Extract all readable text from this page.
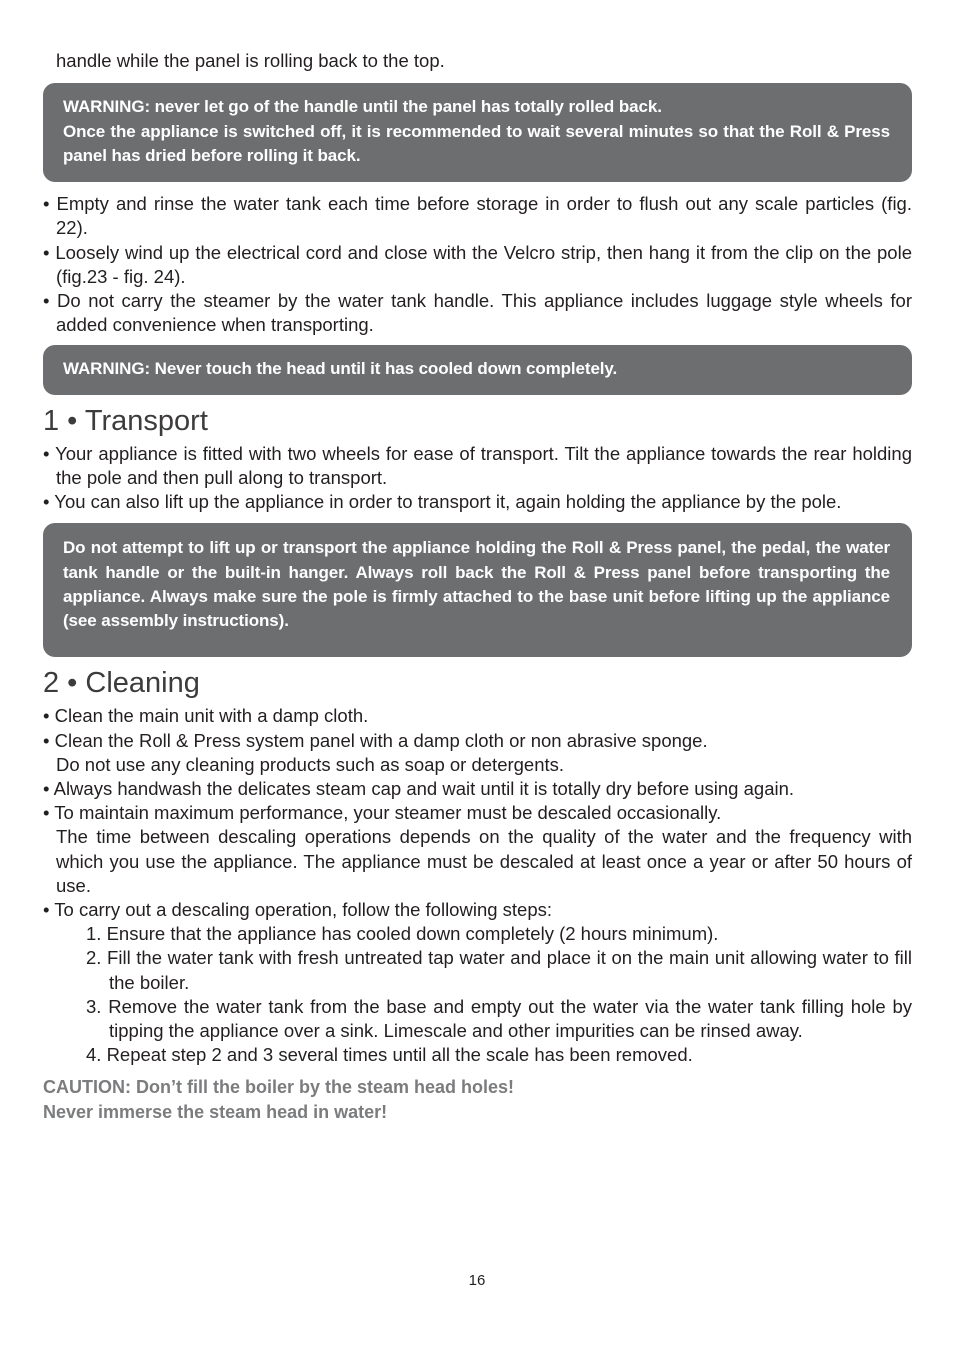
handle while the panel is rolling back to the top.
WARNING: never let go of the handle until the panel has totally rolled back.
Once the appliance is switched off, it is recommended to wait several minutes so that the Roll & Press panel has dried before rolling it back.
• Empty and rinse the water tank each time before storage in order to flush out any scale particles (fig. 22).
• Loosely wind up the electrical cord and close with the Velcro strip, then hang it from the clip on the pole (fig.23 - fig. 24).
• Do not carry the steamer by the water tank handle. This appliance includes luggage style wheels for added convenience when transporting.
WARNING: Never touch the head until it has cooled down completely.
1 • Transport
• Your appliance is fitted with two wheels for ease of transport. Tilt the appliance towards the rear holding the pole and then pull along to transport.
• You can also lift up the appliance in order to transport it, again holding the appliance by the pole.
Do not attempt to lift up or transport the appliance holding the Roll & Press panel, the pedal, the water tank handle or the built-in hanger. Always roll back the Roll & Press panel before transporting the appliance. Always make sure the pole is firmly attached to the base unit before lifting up the appliance (see assembly instructions).
2 • Cleaning
• Clean the main unit with a damp cloth.
• Clean the Roll & Press system panel with a damp cloth or non abrasive sponge.
Do not use any cleaning products such as soap or detergents.
• Always handwash the delicates steam cap and wait until it is totally dry before using again.
• To maintain maximum performance, your steamer must be descaled occasionally.
The time between descaling operations depends on the quality of the water and the frequency with which you use the appliance. The appliance must be descaled at least once a year or after 50 hours of use.
• To carry out a descaling operation, follow the following steps:
1. Ensure that the appliance has cooled down completely (2 hours minimum).
2. Fill the water tank with fresh untreated tap water and place it on the main unit allowing water to fill the boiler.
3. Remove the water tank from the base and empty out the water via the water tank filling hole by tipping the appliance over a sink. Limescale and other impurities can be rinsed away.
4. Repeat step 2 and 3 several times until all the scale has been removed.
CAUTION: Don’t fill the boiler by the steam head holes!
Never immerse the steam head in water!
16
